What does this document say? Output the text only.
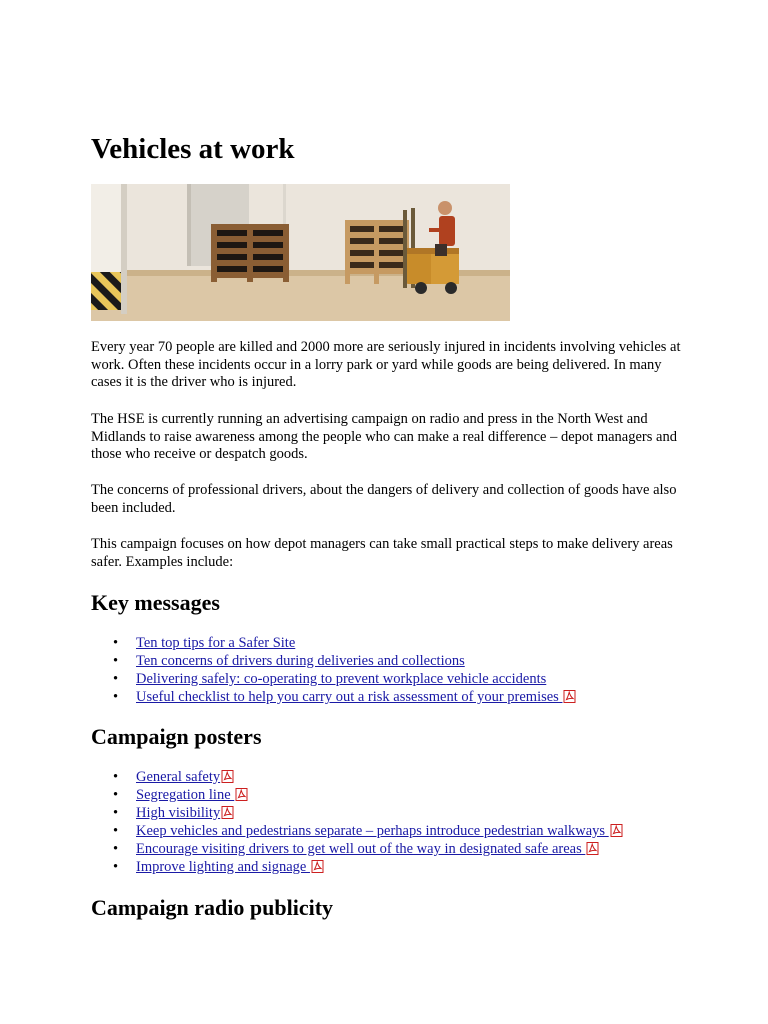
Vehicles at work

Every year 70 people are killed and 2000 more are seriously injured in incidents involving vehicles at work. Often these incidents occur in a lorry park or yard while goods are being delivered. In many cases it is the driver who is injured.

The HSE is currently running an advertising campaign on radio and press in the North West and Midlands to raise awareness among the people who can make a real difference – depot managers and those who receive or despatch goods.

The concerns of professional drivers, about the dangers of delivery and collection of goods have also been included.

This campaign focuses on how depot managers can take small practical steps to make delivery areas safer. Examples include:

Key messages
• Ten top tips for a Safer Site
• Ten concerns of drivers during deliveries and collections
• Delivering safely: co-operating to prevent workplace vehicle accidents
• Useful checklist to help you carry out a risk assessment of your premises
Campaign posters
• General safety
• Segregation line
• High visibility
• Keep vehicles and pedestrians separate – perhaps introduce pedestrian walkways
• Encourage visiting drivers to get well out of the way in designated safe areas
• Improve lighting and signage
Campaign radio publicity
